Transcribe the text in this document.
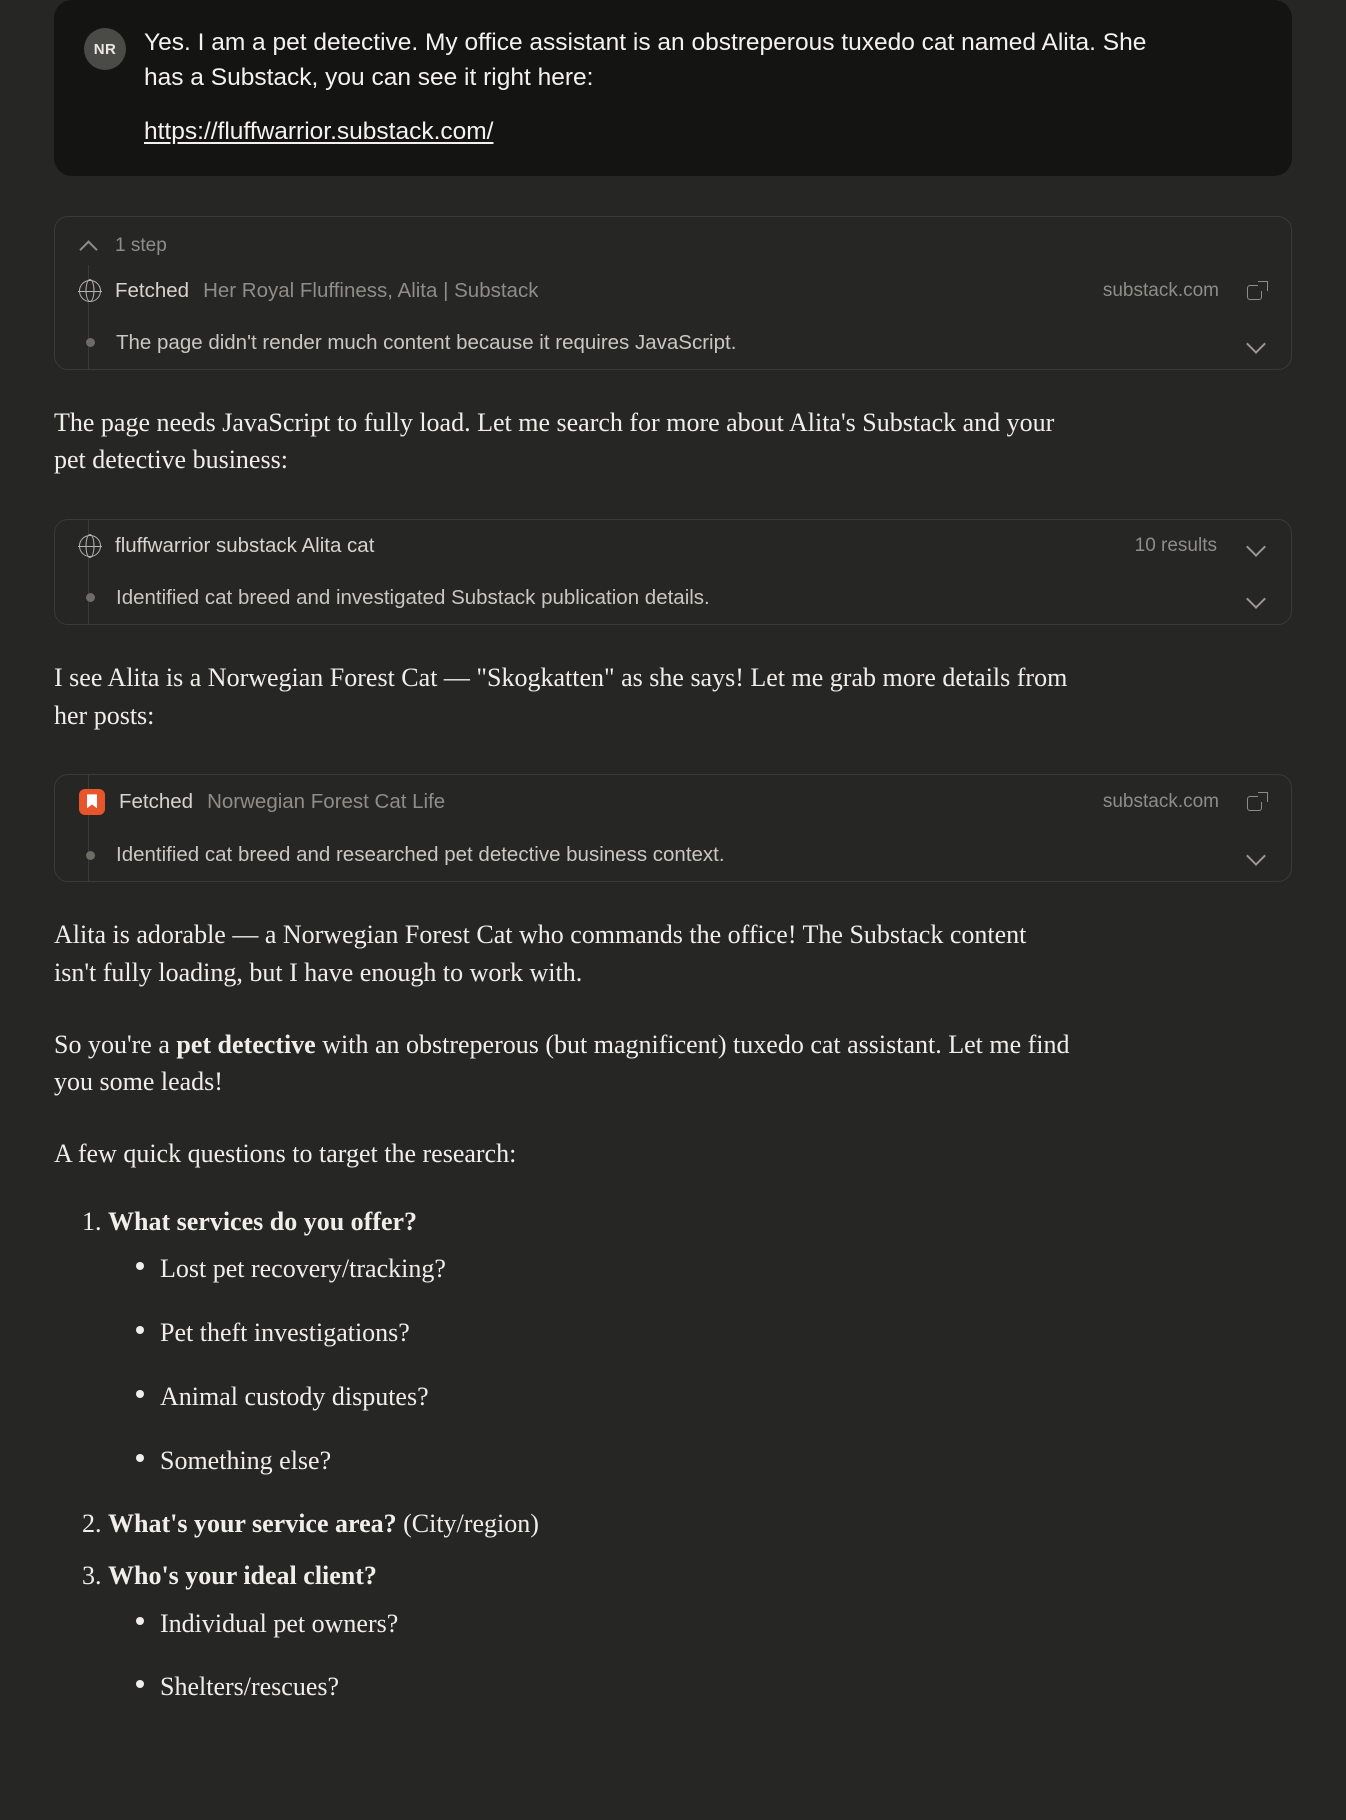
NR	Yes. I am a pet detective. My office assistant is an obstreperous tuxedo cat named Alita. She has a Substack, you can see it right here:
https://fluffwarrior.substack.com/
1 step
Fetched Her Royal Fluffiness, Alita | Substack	substack.com
The page didn't render much content because it requires JavaScript.
The page needs JavaScript to fully load. Let me search for more about Alita's Substack and your pet detective business:
fluffwarrior substack Alita cat	10 results
Identified cat breed and investigated Substack publication details.
I see Alita is a Norwegian Forest Cat — "Skogkatten" as she says! Let me grab more details from her posts:
Fetched Norwegian Forest Cat Life	substack.com
Identified cat breed and researched pet detective business context.
Alita is adorable — a Norwegian Forest Cat who commands the office! The Substack content isn't fully loading, but I have enough to work with.
So you're a pet detective with an obstreperous (but magnificent) tuxedo cat assistant. Let me find you some leads!
A few quick questions to target the research:
1. What services do you offer?
Lost pet recovery/tracking?
Pet theft investigations?
Animal custody disputes?
Something else?
2. What's your service area? (City/region)
3. Who's your ideal client?
Individual pet owners?
Shelters/rescues?
